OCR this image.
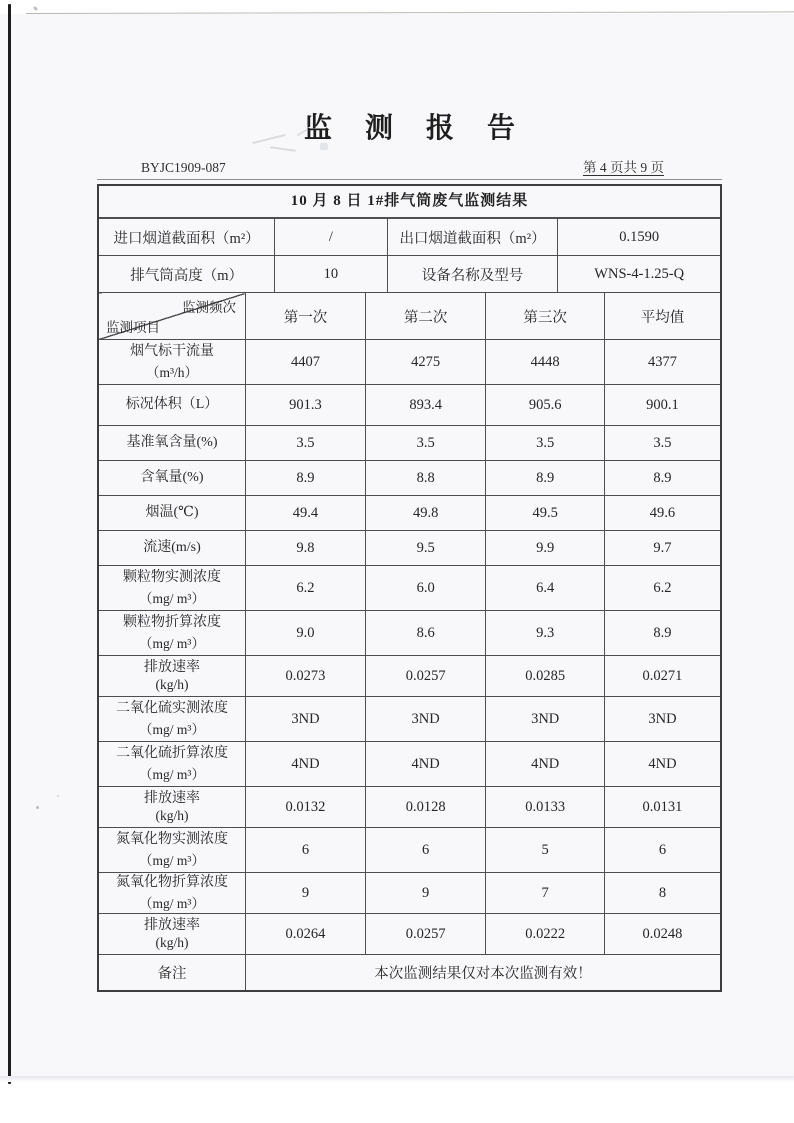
监 测 报 告
BYJC1909-087	第 4 页共 9 页
10 月 8 日 1#排气筒废气监测结果
进口烟道截面积（m²）	/	出口烟道截面积（m²）	0.1590
排气筒高度（m）	10	设备名称及型号	WNS-4-1.25-Q
监测频次
监测项目	第一次	第二次	第三次	平均值
烟气标干流量
（m³/h）	4407	4275	4448	4377
标况体积（L）	901.3	893.4	905.6	900.1
基准氧含量(%)	3.5	3.5	3.5	3.5
含氧量(%)	8.9	8.8	8.9	8.9
烟温(℃)	49.4	49.8	49.5	49.6
流速(m/s)	9.8	9.5	9.9	9.7
颗粒物实测浓度
（mg/ m³）	6.2	6.0	6.4	6.2
颗粒物折算浓度
（mg/ m³）	9.0	8.6	9.3	8.9
排放速率
(kg/h)	0.0273	0.0257	0.0285	0.0271
二氧化硫实测浓度
（mg/ m³）	3ND	3ND	3ND	3ND
二氧化硫折算浓度
（mg/ m³）	4ND	4ND	4ND	4ND
排放速率
(kg/h)	0.0132	0.0128	0.0133	0.0131
氮氧化物实测浓度
（mg/ m³）	6	6	5	6
氮氧化物折算浓度
（mg/ m³）	9	9	7	8
排放速率
(kg/h)	0.0264	0.0257	0.0222	0.0248
备注	本次监测结果仅对本次监测有效！			
